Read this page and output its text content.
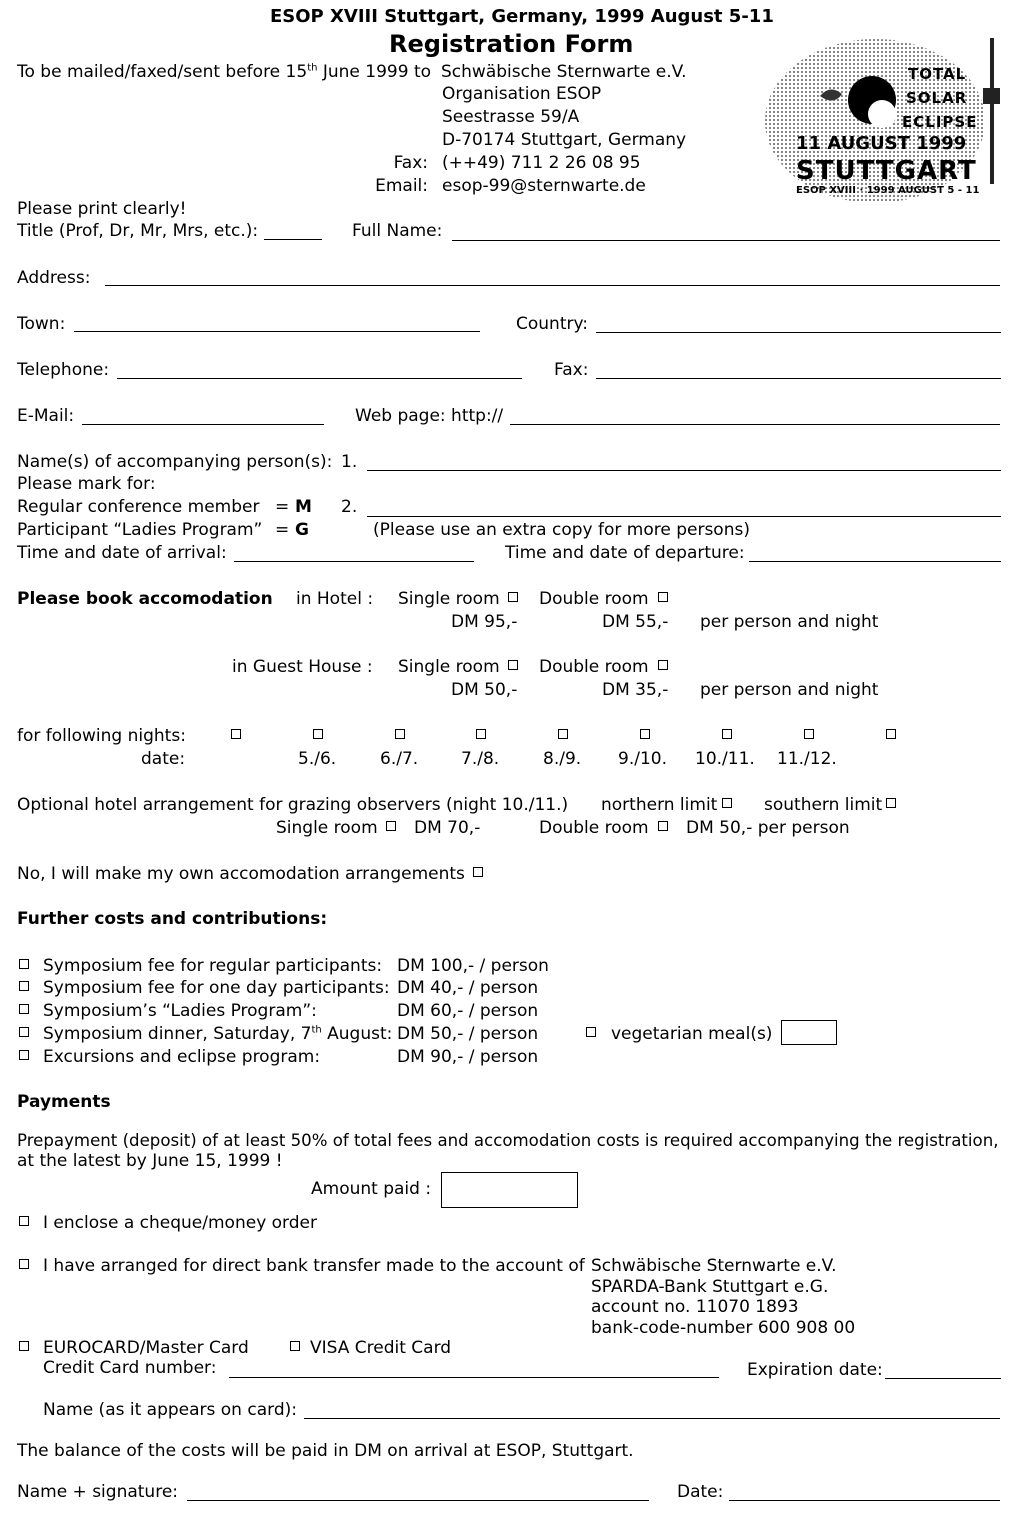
ESOP XVIII Stuttgart, Germany, 1999 August 5-11
Registration Form
To be mailed/faxed/sent before 15th June 1999 to Schwäbische Sternwarte e.V.
Organisation ESOP
Seestrasse 59/A
D-70174 Stuttgart, Germany
Fax: (++49) 711 2 26 08 95
Email: esop-99@sternwarte.de
TOTAL
SOLAR
ECLIPSE
11 AUGUST 1999
STUTTGART
ESOP XVIII · 1999 AUGUST 5 - 11
Please print clearly!
Title (Prof, Dr, Mr, Mrs, etc.):	Full Name:
Address:
Town:	Country:
Telephone:	Fax:
E-Mail:	Web page: http://
Name(s) of accompanying person(s): 1.
Please mark for:
Regular conference member = M 2.
Participant “Ladies Program” = G	(Please use an extra copy for more persons)
Time and date of arrival:	Time and date of departure:
Please book accomodation in Hotel : Single room Double room
DM 95,-	DM 55,- per person and night
in Guest House : Single room Double room
DM 50,-	DM 35,- per person and night
for following nights:
date:	5./6.	6./7.	7./8.	8./9. 9./10. 10./11. 11./12.
Optional hotel arrangement for grazing observers (night 10./11.) northern limit	southern limit
Single room DM 70,-	Double room DM 50,- per person
No, I will make my own accomodation arrangements
Further costs and contributions:
Symposium fee for regular participants: DM 100,- / person
Symposium fee for one day participants: DM 40,- / person
Symposium’s “Ladies Program”:	DM 60,- / person
Symposium dinner, Saturday, 7th August: DM 50,- / person	vegetarian meal(s)
Excursions and eclipse program:	DM 90,- / person
Payments
Prepayment (deposit) of at least 50% of total fees and accomodation costs is required accompanying the registration,
at the latest by June 15, 1999 !
Amount paid :
I enclose a cheque/money order
I have arranged for direct bank transfer made to the account of Schwäbische Sternwarte e.V.
SPARDA-Bank Stuttgart e.G.
account no. 11070 1893
bank-code-number 600 908 00
EUROCARD/Master Card	VISA Credit Card
Credit Card number:	Expiration date:
Name (as it appears on card):
The balance of the costs will be paid in DM on arrival at ESOP, Stuttgart.
Name + signature:	Date:
